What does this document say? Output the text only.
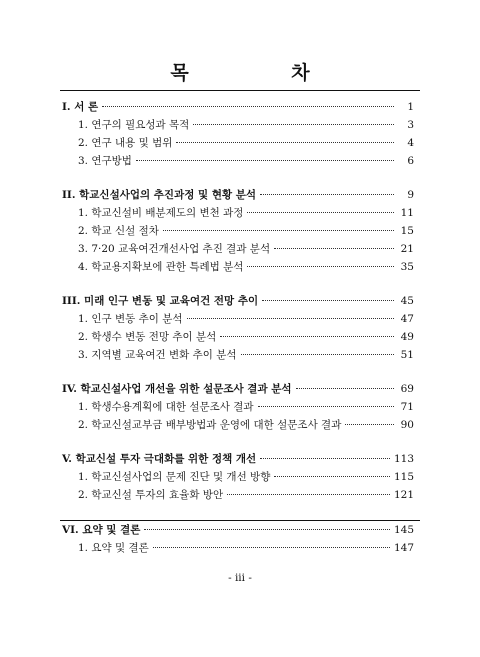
목 차
I. 서 론	1
1. 연구의 필요성과 목적	3
2. 연구 내용 및 범위	4
3. 연구방법	6
II. 학교신설사업의 추진과정 및 현황 분석	9
1. 학교신설비 배분제도의 변천 과정	11
2. 학교 신설 절차	15
3. 7·20 교육여건개선사업 추진 결과 분석	21
4. 학교용지확보에 관한 특례법 분석	35
III. 미래 인구 변동 및 교육여건 전망 추이	45
1. 인구 변동 추이 분석	47
2. 학생수 변동 전망 추이 분석	49
3. 지역별 교육여건 변화 추이 분석	51
IV. 학교신설사업 개선을 위한 설문조사 결과 분석	69
1. 학생수용계획에 대한 설문조사 결과	71
2. 학교신설교부금 배부방법과 운영에 대한 설문조사 결과	90
V. 학교신설 투자 극대화를 위한 정책 개선	113
1. 학교신설사업의 문제 진단 및 개선 방향	115
2. 학교신설 투자의 효율화 방안	121
VI. 요약 및 결론	145
1. 요약 및 결론	147
- iii -
